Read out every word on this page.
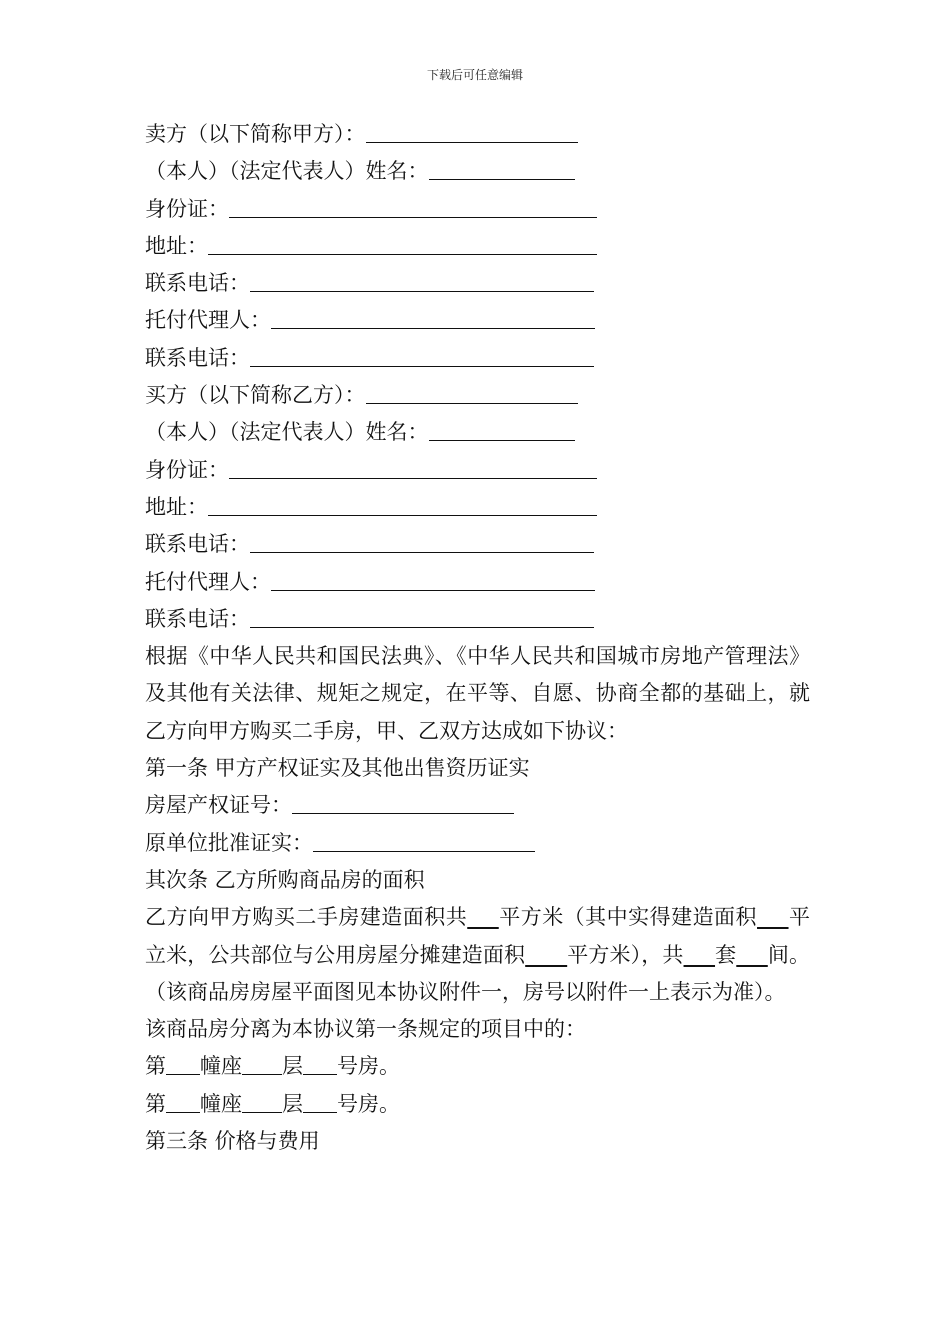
下载后可任意编辑
卖方（以下简称甲方）：
（本人）（法定代表人）姓名：
身份证：
地址：
联系电话：
托付代理人：
联系电话：
买方（以下简称乙方）：
（本人）（法定代表人）姓名：
身份证：
地址：
联系电话：
托付代理人：
联系电话：
根据《中华人民共和国民法典》、《中华人民共和国城市房地产管理法》及其他有关法律、规矩之规定，在平等、自愿、协商全都的基础上，就乙方向甲方购买二手房，甲、乙双方达成如下协议：
第一条 甲方产权证实及其他出售资历证实
房屋产权证号：
原单位批准证实：
其次条 乙方所购商品房的面积
乙方向甲方购买二手房建造面积共   平方米（其中实得建造面积   平立米，公共部位与公用房屋分摊建造面积   平方米），共   套   间。（该商品房房屋平面图见本协议附件一，房号以附件一上表示为准）。
该商品房分离为本协议第一条规定的项目中的：
第 幢座 层 号房。
第 幢座 层 号房。
第三条 价格与费用
